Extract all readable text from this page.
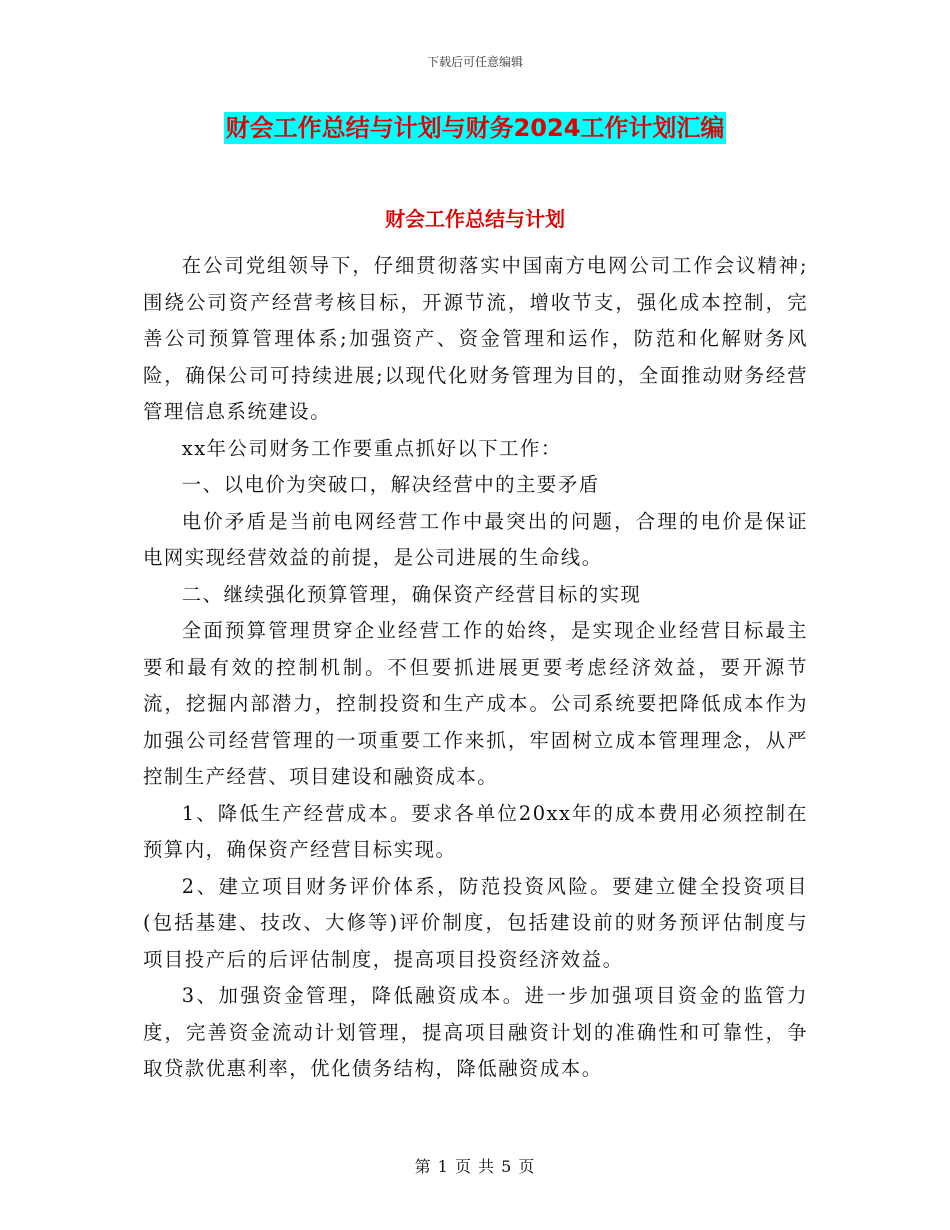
下载后可任意编辑
财会工作总结与计划与财务2024工作计划汇编
财会工作总结与计划

在公司党组领导下，仔细贯彻落实中国南方电网公司工作会议精神;围绕公司资产经营考核目标，开源节流，增收节支，强化成本控制，完善公司预算管理体系;加强资产、资金管理和运作，防范和化解财务风险，确保公司可持续进展;以现代化财务管理为目的，全面推动财务经营管理信息系统建设。

xx年公司财务工作要重点抓好以下工作：

一、以电价为突破口，解决经营中的主要矛盾

电价矛盾是当前电网经营工作中最突出的问题，合理的电价是保证电网实现经营效益的前提，是公司进展的生命线。

二、继续强化预算管理，确保资产经营目标的实现

全面预算管理贯穿企业经营工作的始终，是实现企业经营目标最主要和最有效的控制机制。不但要抓进展更要考虑经济效益，要开源节流，挖掘内部潜力，控制投资和生产成本。公司系统要把降低成本作为加强公司经营管理的一项重要工作来抓，牢固树立成本管理理念，从严控制生产经营、项目建设和融资成本。

1、降低生产经营成本。要求各单位20xx年的成本费用必须控制在预算内，确保资产经营目标实现。

2、建立项目财务评价体系，防范投资风险。要建立健全投资项目(包括基建、技改、大修等)评价制度，包括建设前的财务预评估制度与项目投产后的后评估制度，提高项目投资经济效益。

3、加强资金管理，降低融资成本。进一步加强项目资金的监管力度，完善资金流动计划管理，提高项目融资计划的准确性和可靠性，争取贷款优惠利率，优化债务结构，降低融资成本。

第 1 页 共 5 页
